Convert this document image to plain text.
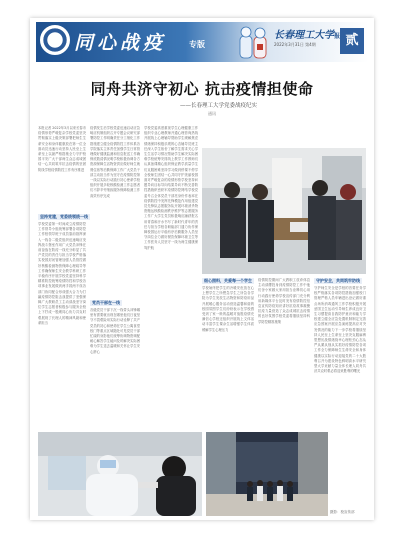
同心战疫	专版
长春理工大学报
2022年3月31日 第4期	贰
同舟共济守初心 抗击疫情担使命
——长春理工大学党委战疫纪实
通讯
本报记者 2022年3月以来长春市疫情形势严峻复杂学校党委坚决贯彻落实上级决策部署把师生生命安全和身体健康放在第一位全面动员迅速行动坚持人民至上生命至上以最严格措施全力守护校园平安广大干部师生众志成城团结一心共同筑牢抗击疫情的坚固防线学校疫情防控工作有序推进
坚持党建，党委统领统一线
学校党委第一时间成立疫情防控工作领导小组统筹部署各项防控工作校领导班子成员靠前指挥深入一线各二级党组织迅速响应发挥战斗堡垒作用广大党员冲锋在前奋战在防疫一线充分彰显了共产党员的责任与担当学校严格落实校园封闭管理加强人员管控做好核酸检测物资保障心理疏导等工作确保师生安全教学科研工作平稳有序开展学校党委坚持科学精准防控统筹疫情防控和学校各项事业发展做到两手抓两不误各部门协同配合形成强大合力为打赢疫情防控阻击战提供了坚强保障广大教职员工主动请战坚守岗位学生志愿者积极参与服务全校上下拧成一股绳同心协力共克时艰展现了长理人的精神风貌和使命担当
疫情发生后学校党委迅速启动应急响应机制组织召开专题会议研究部署防控工作明确责任分工细化工作措施建立健全疫情防控工作体系各学院落实主体责任加强学生日常管理做好健康监测和信息报送工作确保底数清情况明学校积极协调各方资源保障生活物资供应做好师生就餐住宿等后勤保障工作广大党员干部主动担当作为坚守在疫情防控第一线以实际行动践行初心使命学校组织开展多轮核酸检测工作志愿者们不辞辛劳细致服务保障检测工作高效有序完成
党员干部在一线
各级党员干部下沉一线带头冲锋哪里有需要就出现在哪里他们日夜坚守不畏艰险用实际行动诠释了共产党员的初心和使命在学生公寓食堂校门等重点区域随处可见党员干部忙碌的身影他们统筹协调物资调配耐心解答学生疑问及时解决实际困难为学生送去温暖和关怀让学生安心舒心
学校党委高度重视学生心理健康工作组织专业心理教师开通心理咨询热线开展线上心理辅导帮助学生缓解焦虑情绪保持积极乐观的心态辅导员班主任深入学生宿舍了解学生需求关心学生生活学习情况帮助学生解决实际困难学校统筹安排线上教学工作教师们认真备课精心组织保证教学质量学生们克服困难坚持学习做到停课不停学全校师生团结一心共同守护美丽校园面对严峻复杂的疫情形势学校坚持问题导向目标导向结果导向不断完善防控措施织密织牢疫情防控网络学校党委号召全体党员干部亮身份作表率在疫情防控中发挥先锋模范作用组建党员先锋队志愿服务队开展环境消杀物资搬运核酸检测秩序维护等志愿服务工作广大学生党员积极响应踊跃报名用青春和汗水书写了新时代青年的责任与担当学校各职能部门通力协作保障校园运行平稳有序后勤服务人员坚守岗位全力做好餐饮保障环境卫生等工作医务人员坚守一线为师生健康保驾护航
细心照料，关爱每一个学生
学校始终把学生的冷暖安危放在心上想学生之所想急学生之所急各学院为学生发放生活物资和防疫用品开展暖心服务活动营造温馨和谐的校园氛围学生们纷纷表示在学校感受到了家一般的温暖对战胜疫情充满信心学校还组织开展线上文体活动丰富学生课余生活增强学生体质缓解学生心理压力
疫情防控期间广大教职工放弃休息主动请缨投身到疫情防控工作中他们舍小家顾大家用担当诠释初心用行动践行使命学校宣传部门充分利用新媒体平台及时发布疫情防控信息宣传防疫知识讲好抗疫故事凝聚抗疫力量营造了众志成城抗击疫情的良好氛围学校党委将继续坚持科学防控精准施策
守护安全，共同筑牢防线
守护师生安全是学校的首要任务学校严格落实各项防控措施加强校门管理严格人员车辆进出登记做好重点场所消毒通风工作学校积极开展爱国卫生运动引导师生养成良好卫生习惯提高自我防护意识和能力学校建立健全应急处置机制制定完善应急预案开展应急演练提高应对突发情况的能力下一步学校将继续坚持人民至上生命至上坚决克服麻痹思想厌战情绪侥幸心理松劲心态从严从紧从细从实抓好疫情防控各项工作全力保障师生生命安全和身体健康以实际行动迎接党的二十大胜利召开为建设特色鲜明高水平研究型大学贡献力量全体长理人同舟共济共克时艰必将迎来胜利的曙光
摄影：校宣传部
